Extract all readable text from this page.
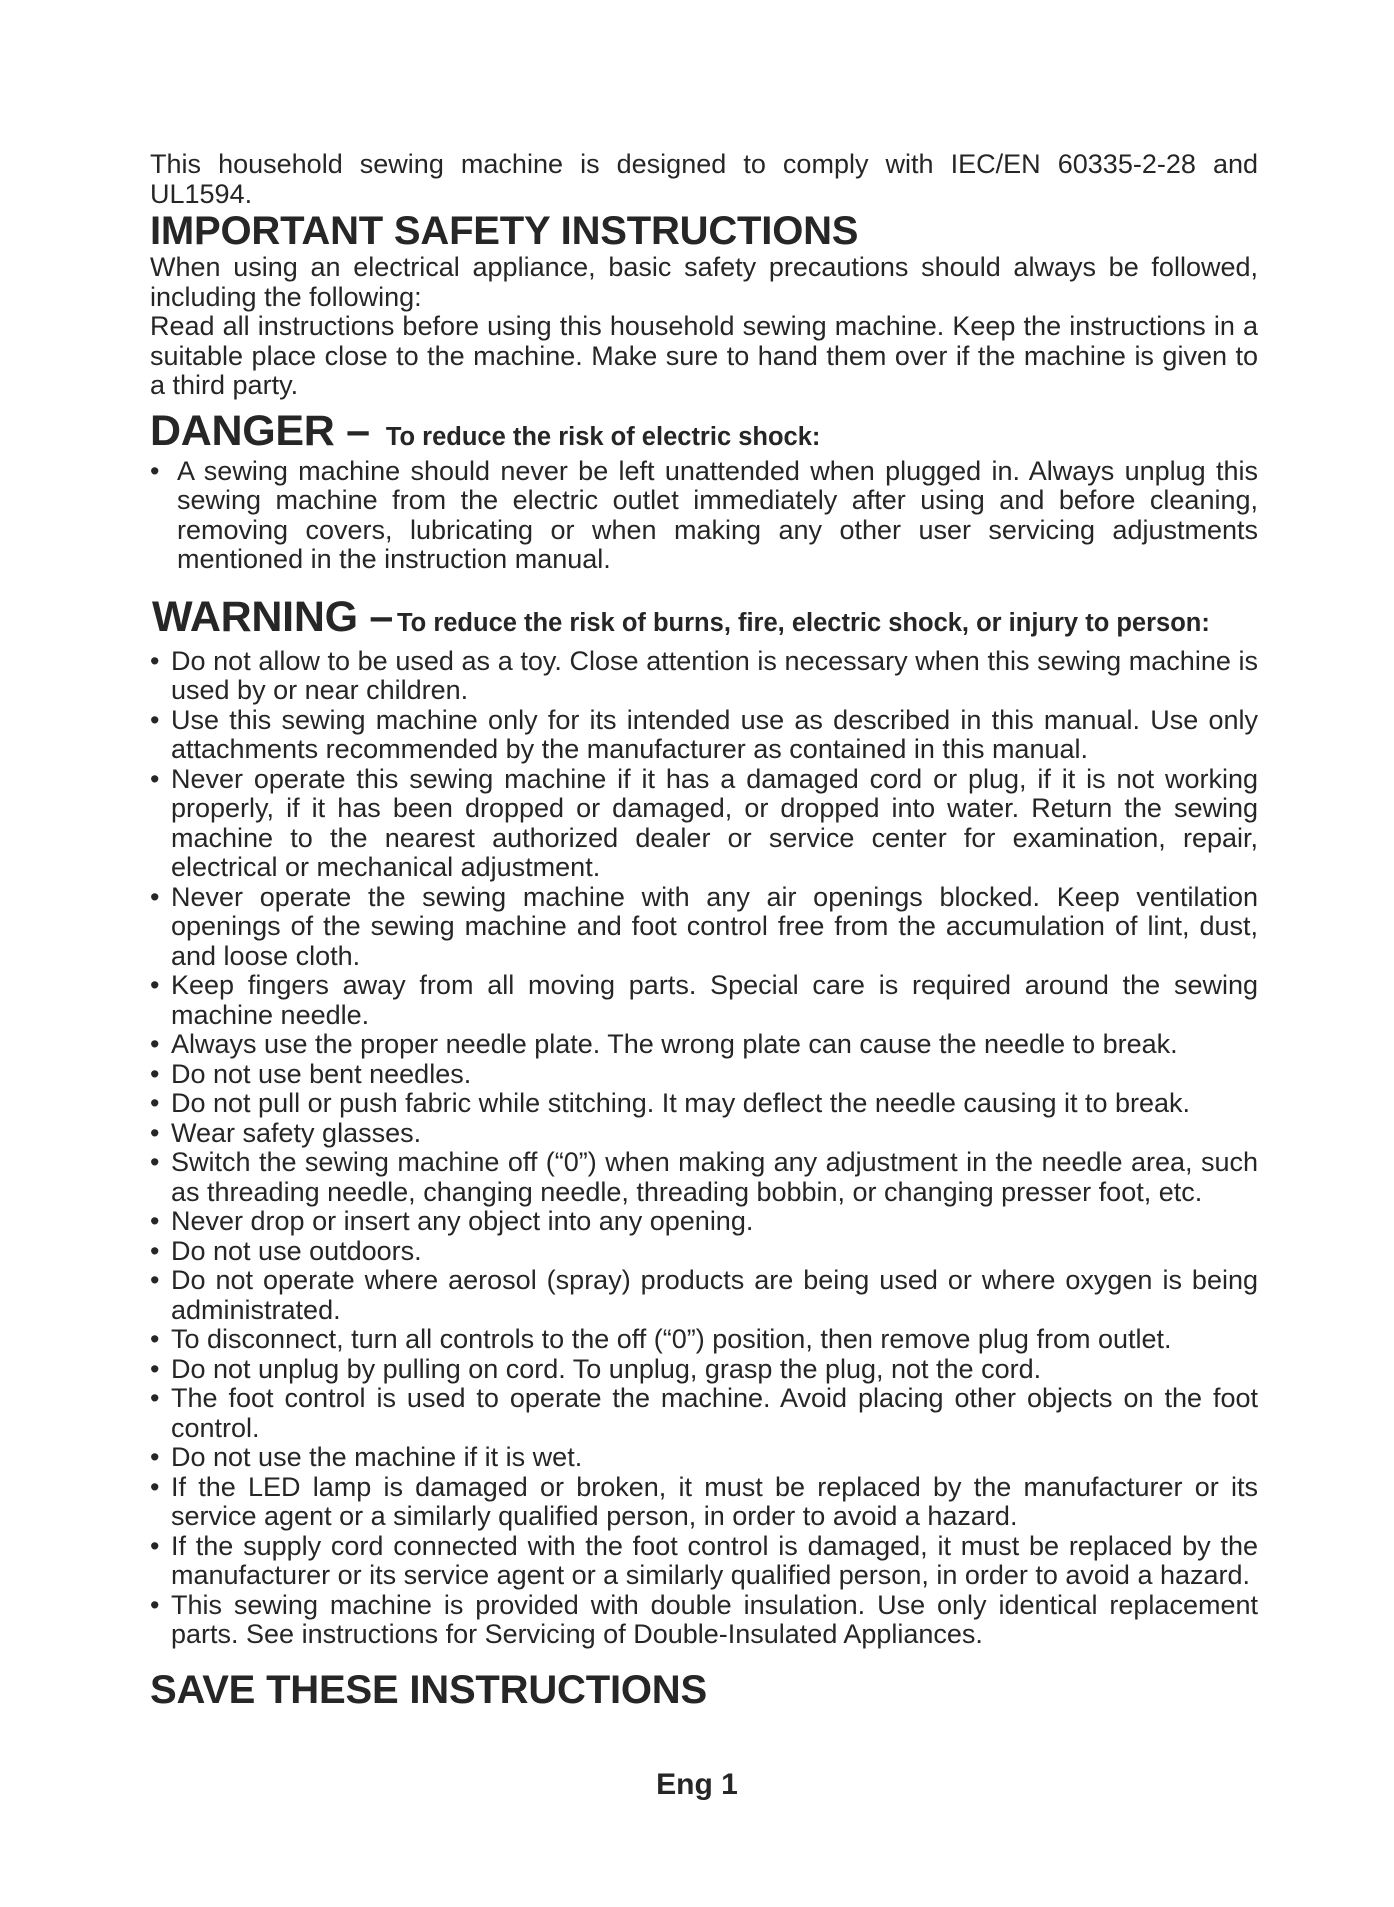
This household sewing machine is designed to comply with IEC/EN 60335-2-28 and UL1594.

IMPORTANT SAFETY INSTRUCTIONS

When using an electrical appliance, basic safety precautions should always be followed, including the following:

Read all instructions before using this household sewing machine. Keep the instructions in a suitable place close to the machine. Make sure to hand them over if the machine is given to a third party.

DANGER – To reduce the risk of electric shock:
• A sewing machine should never be left unattended when plugged in. Always unplug this sewing machine from the electric outlet immediately after using and before cleaning, removing covers, lubricating or when making any other user servicing adjustments mentioned in the instruction manual.
WARNING – To reduce the risk of burns, fire, electric shock, or injury to person:
• Do not allow to be used as a toy. Close attention is necessary when this sewing machine is used by or near children.
• Use this sewing machine only for its intended use as described in this manual. Use only attachments recommended by the manufacturer as contained in this manual.
• Never operate this sewing machine if it has a damaged cord or plug, if it is not working properly, if it has been dropped or damaged, or dropped into water. Return the sewing machine to the nearest authorized dealer or service center for examination, repair, electrical or mechanical adjustment.
• Never operate the sewing machine with any air openings blocked. Keep ventilation openings of the sewing machine and foot control free from the accumulation of lint, dust, and loose cloth.
• Keep fingers away from all moving parts. Special care is required around the sewing machine needle.
• Always use the proper needle plate. The wrong plate can cause the needle to break.
• Do not use bent needles.
• Do not pull or push fabric while stitching. It may deflect the needle causing it to break.
• Wear safety glasses.
• Switch the sewing machine off (“0”) when making any adjustment in the needle area, such as threading needle, changing needle, threading bobbin, or changing presser foot, etc.
• Never drop or insert any object into any opening.
• Do not use outdoors.
• Do not operate where aerosol (spray) products are being used or where oxygen is being administrated.
• To disconnect, turn all controls to the off (“0”) position, then remove plug from outlet.
• Do not unplug by pulling on cord. To unplug, grasp the plug, not the cord.
• The foot control is used to operate the machine. Avoid placing other objects on the foot control.
• Do not use the machine if it is wet.
• If the LED lamp is damaged or broken, it must be replaced by the manufacturer or its service agent or a similarly qualified person, in order to avoid a hazard.
• If the supply cord connected with the foot control is damaged, it must be replaced by the manufacturer or its service agent or a similarly qualified person, in order to avoid a hazard.
• This sewing machine is provided with double insulation. Use only identical replacement parts. See instructions for Servicing of Double-Insulated Appliances.
SAVE THESE INSTRUCTIONS
Eng 1
